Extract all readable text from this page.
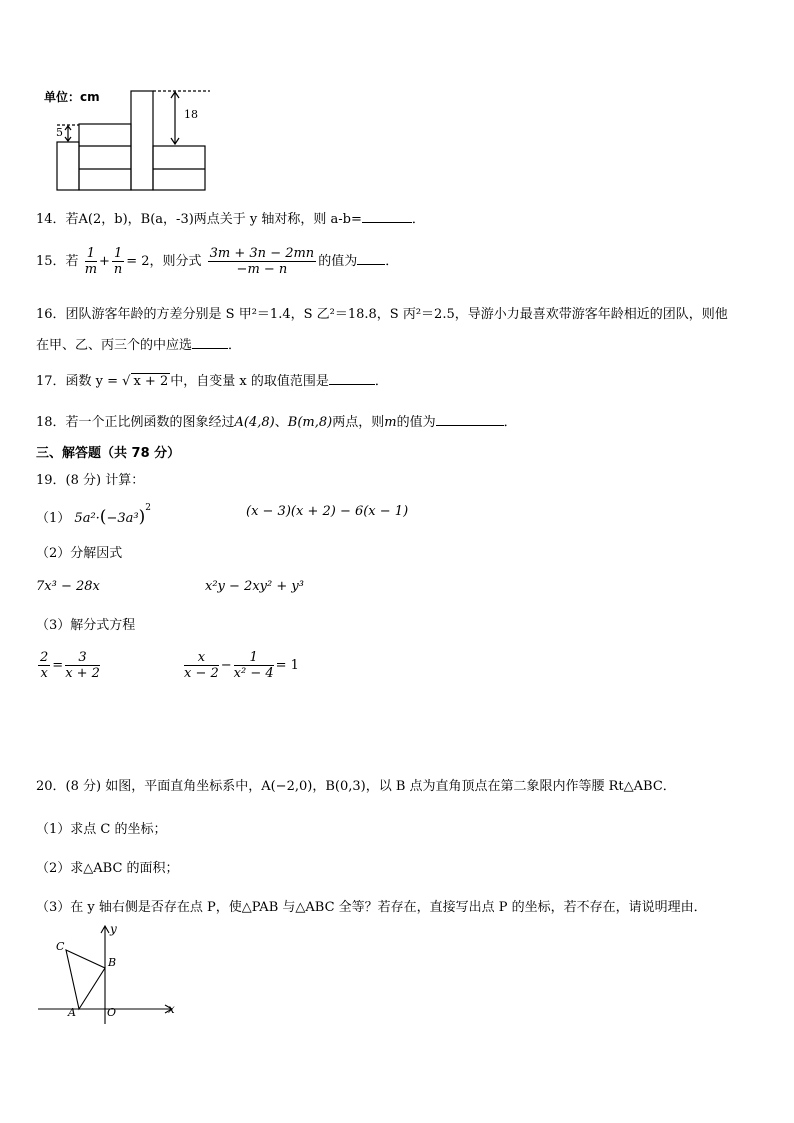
单位：cm
5
18
14．若A(2，b)，B(a，-3)两点关于 y 轴对称，则 a-b=	．
15．若 $\frac{1}{m} + \frac{1}{n} = 2$，则分式 $\frac{3m + 3n - 2mn}{-m - n}$ 的值为 ．
16．团队游客年龄的方差分别是 S 甲²＝1.4，S 乙²＝18.8，S 丙²＝2.5，导游小力最喜欢带游客年龄相近的团队，则他
在甲、乙、丙三个的中应选	．
17．函数 y = √ x + 2 中，自变量 x 的取值范围是	．
18．若一个正比例函数的图象经过A(4,8)、B(m,8)两点，则m的值为	．
三、解答题（共 78 分）
19．(8 分) 计算：
（1） $5a^2\cdot(-3a^3)^2$	(x − 3)(x + 2) − 6(x − 1)
（2）分解因式
7x³ − 28x	x²y − 2xy² + y³
（3）解分式方程
$\frac{2}{x} = \frac{3}{x + 2}$	$\frac{x}{x - 2} - \frac{1}{\text{x² − 4}} = 1$
20．(8 分) 如图，平面直角坐标系中，A(−2,0)，B(0,3)，以 B 点为直角顶点在第二象限内作等腰 Rt△ABC．
（1）求点 C 的坐标；
（2）求△ABC 的面积；
（3）在 y 轴右侧是否存在点 P，使△PAB 与△ABC 全等？若存在，直接写出点 P 的坐标，若不存在，请说明理由．
C
y
B
A	O	x
